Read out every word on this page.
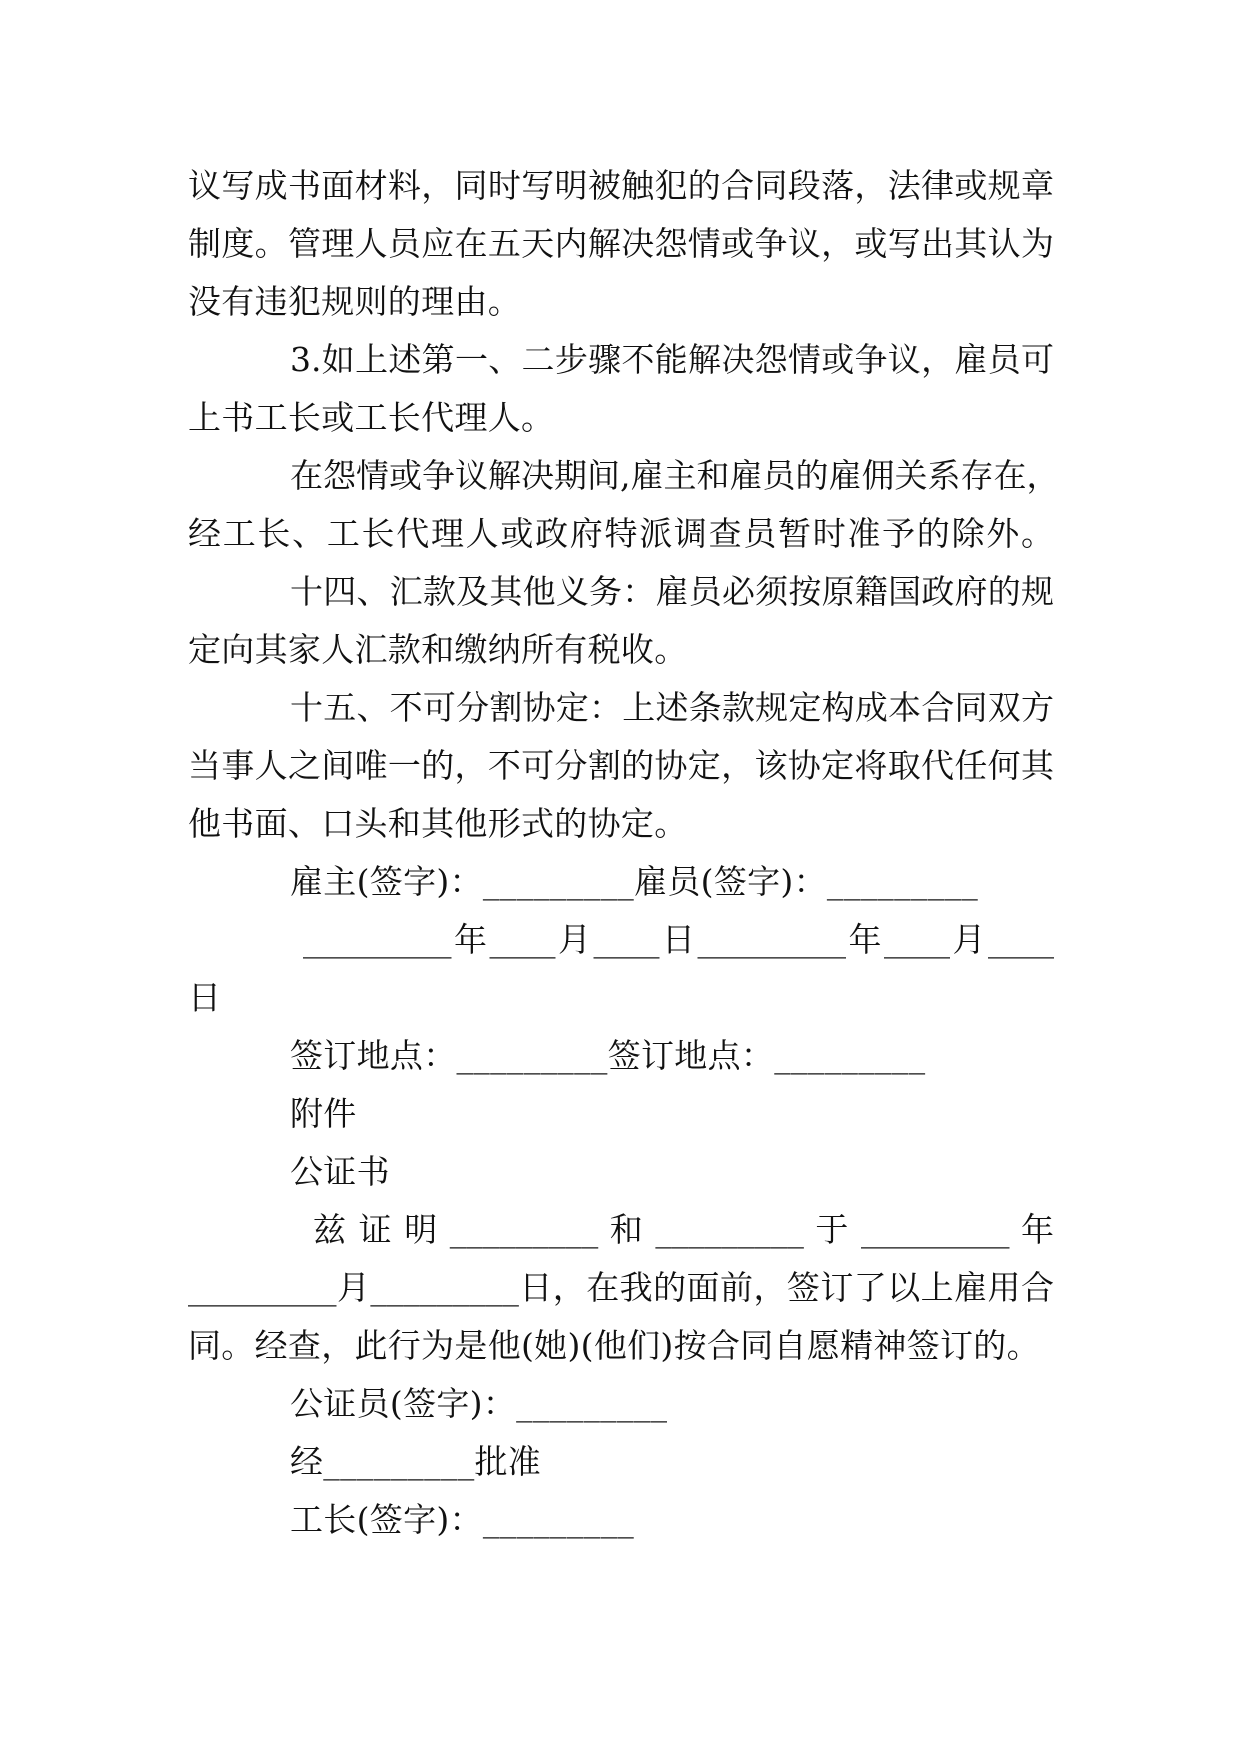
议写成书面材料，同时写明被触犯的合同段落，法律或规章
制度。管理人员应在五天内解决怨情或争议，或写出其认为
没有违犯规则的理由。
3.如上述第一、二步骤不能解决怨情或争议，雇员可
上书工长或工长代理人。
在怨情或争议解决期间,雇主和雇员的雇佣关系存在，
经工长、工长代理人或政府特派调查员暂时准予的除外。
十四、汇款及其他义务：雇员必须按原籍国政府的规
定向其家人汇款和缴纳所有税收。
十五、不可分割协定：上述条款规定构成本合同双方
当事人之间唯一的，不可分割的协定，该协定将取代任何其
他书面、口头和其他形式的协定。
雇主(签字)：_________雇员(签字)：_________
_________年____月____日_________年____月____
日
签订地点：_________签订地点：_________
附件
公证书
兹 证 明 _________ 和 _________ 于 _________ 年
_________月_________日，在我的面前，签订了以上雇用合
同。经查，此行为是他(她)(他们)按合同自愿精神签订的。
公证员(签字)：_________
经_________批准
工长(签字)：_________
